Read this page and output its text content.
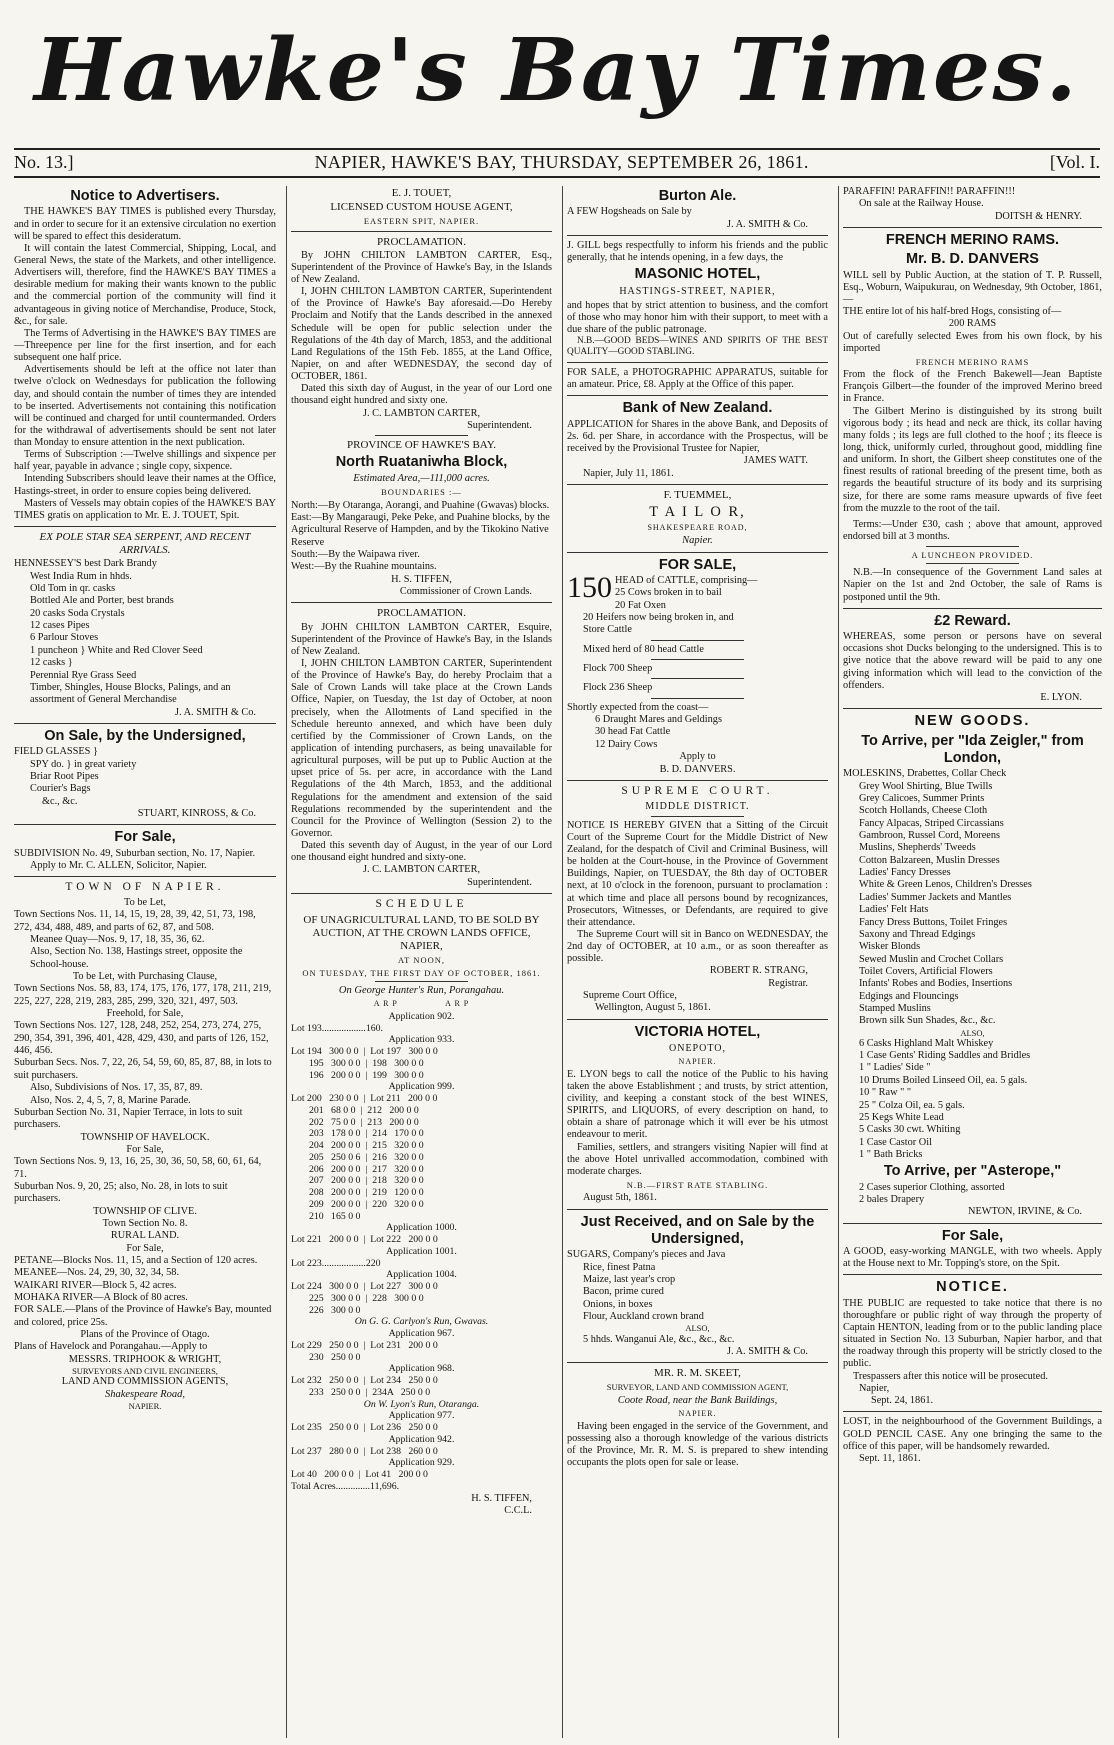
Hawke's Bay Times.
No. 13.]	NAPIER, HAWKE'S BAY, THURSDAY, SEPTEMBER 26, 1861.	[Vol. I.
Notice to Advertisers.

THE HAWKE'S BAY TIMES is published every Thursday, and in order to secure for it an extensive circulation no exertion will be spared to effect this desideratum.

It will contain the latest Commercial, Shipping, Local, and General News, the state of the Markets, and other intelligence. Advertisers will, therefore, find the HAWKE'S BAY TIMES a desirable medium for making their wants known to the public and the commercial portion of the community will find it advantageous in giving notice of Merchandise, Produce, Stock, &c., for sale.

The Terms of Advertising in the HAWKE'S BAY TIMES are—Threepence per line for the first insertion, and for each subsequent one half price.

Advertisements should be left at the office not later than twelve o'clock on Wednesdays for publication the following day, and should contain the number of times they are intended to be inserted. Advertisements not containing this notification will be continued and charged for until countermanded. Orders for the withdrawal of advertisements should be sent not later than Monday to ensure attention in the next publication.

Terms of Subscription :—Twelve shillings and sixpence per half year, payable in advance ; single copy, sixpence.

Intending Subscribers should leave their names at the Office, Hastings-street, in order to ensure copies being delivered.

Masters of Vessels may obtain copies of the HAWKE'S BAY TIMES gratis on application to Mr. E. J. TOUET, Spit.

EX POLE STAR SEA SERPENT, AND RECENT ARRIVALS.
HENNESSEY'S best Dark Brandy
West India Rum in hhds.
Old Tom in qr. casks
Bottled Ale and Porter, best brands
20 casks Soda Crystals
12 cases Pipes
6 Parlour Stoves
1 puncheon } White and Red Clover Seed
12 casks }
Perennial Rye Grass Seed
Timber, Shingles, House Blocks, Palings, and an assortment of General Merchandise
J. A. SMITH & Co.
On Sale, by the Undersigned,
FIELD GLASSES }
SPY do. } in great variety
Briar Root Pipes
Courier's Bags
&c., &c.
STUART, KINROSS, & Co.
For Sale,

SUBDIVISION No. 49, Suburban section, No. 17, Napier.

Apply to Mr. C. ALLEN, Solicitor, Napier.
TOWN OF NAPIER.
To be Let,
Town Sections Nos. 11, 14, 15, 19, 28, 39, 42, 51, 73, 198, 272, 434, 488, 489, and parts of 62, 87, and 508.
Meanee Quay—Nos. 9, 17, 18, 35, 36, 62.
Also, Section No. 138, Hastings street, opposite the School-house.
To be Let, with Purchasing Clause,
Town Sections Nos. 58, 83, 174, 175, 176, 177, 178, 211, 219, 225, 227, 228, 219, 283, 285, 299, 320, 321, 497, 503.
Freehold, for Sale,
Town Sections Nos. 127, 128, 248, 252, 254, 273, 274, 275, 290, 354, 391, 396, 401, 428, 429, 430, and parts of 126, 152, 446, 456.
Suburban Secs. Nos. 7, 22, 26, 54, 59, 60, 85, 87, 88, in lots to suit purchasers.
Also, Subdivisions of Nos. 17, 35, 87, 89.
Also, Nos. 2, 4, 5, 7, 8, Marine Parade.
Suburban Section No. 31, Napier Terrace, in lots to suit purchasers.
TOWNSHIP OF HAVELOCK.
For Sale,
Town Sections Nos. 9, 13, 16, 25, 30, 36, 50, 58, 60, 61, 64, 71.
Suburban Nos. 9, 20, 25; also, No. 28, in lots to suit purchasers.
TOWNSHIP OF CLIVE.
Town Section No. 8.
RURAL LAND.
For Sale,
PETANE—Blocks Nos. 11, 15, and a Section of 120 acres.
MEANEE—Nos. 24, 29, 30, 32, 34, 58.
WAIKARI RIVER—Block 5, 42 acres.
MOHAKA RIVER—A Block of 80 acres.
FOR SALE.—Plans of the Province of Hawke's Bay, mounted and colored, price 25s.
Plans of the Province of Otago.
Plans of Havelock and Porangahau.—Apply to
MESSRS. TRIPHOOK & WRIGHT,
SURVEYORS AND CIVIL ENGINEERS,
LAND AND COMMISSION AGENTS,
Shakespeare Road,
NAPIER.
E. J. TOUET,
LICENSED CUSTOM HOUSE AGENT,
EASTERN SPIT, NAPIER.
PROCLAMATION.

By JOHN CHILTON LAMBTON CARTER, Esq., Superintendent of the Province of Hawke's Bay, in the Islands of New Zealand.

I, JOHN CHILTON LAMBTON CARTER, Superintendent of the Province of Hawke's Bay aforesaid.—Do Hereby Proclaim and Notify that the Lands described in the annexed Schedule will be open for public selection under the Regulations of the 4th day of March, 1853, and the additional Land Regulations of the 15th Feb. 1855, at the Land Office, Napier, on and after WEDNESDAY, the second day of OCTOBER, 1861.

Dated this sixth day of August, in the year of our Lord one thousand eight hundred and sixty one.

J. C. LAMBTON CARTER,
Superintendent.
PROVINCE OF HAWKE'S BAY.
North Ruataniwha Block,
Estimated Area,—111,000 acres.
BOUNDARIES :—
North:—By Otaranga, Aorangi, and Puahine (Gwavas) blocks.
East:—By Mangaraugi, Peke Peke, and Puahine blocks, by the Agricultural Reserve of Hampden, and by the Tikokino Native Reserve
South:—By the Waipawa river.
West:—By the Ruahine mountains.
H. S. TIFFEN,
Commissioner of Crown Lands.
PROCLAMATION.

By JOHN CHILTON LAMBTON CARTER, Esquire, Superintendent of the Province of Hawke's Bay, in the Islands of New Zealand.

I, JOHN CHILTON LAMBTON CARTER, Superintendent of the Province of Hawke's Bay, do hereby Proclaim that a Sale of Crown Lands will take place at the Crown Lands Office, Napier, on Tuesday, the 1st day of October, at noon precisely, when the Allotments of Land specified in the Schedule hereunto annexed, and which have been duly certified by the Commissioner of Crown Lands, on the application of intending purchasers, as being unavailable for agricultural purposes, will be put up to Public Auction at the upset price of 5s. per acre, in accordance with the Land Regulations of the 4th March, 1853, and the additional Regulations for the amendment and extension of the said Regulations recommended by the superintendent and the Council for the Province of Wellington (Session 2) to the Governor.

Dated this seventh day of August, in the year of our Lord one thousand eight hundred and sixty-one.

J. C. LAMBTON CARTER,
Superintendent.
SCHEDULE
OF UNAGRICULTURAL LAND, TO BE SOLD BY AUCTION, AT THE CROWN LANDS OFFICE, NAPIER,
AT NOON,
ON TUESDAY, THE FIRST DAY OF OCTOBER, 1861.
On George Hunter's Run, Porangahau.
A R P                A R P
Application 902.
Lot 193..................160.
Application 933.
Lot 194   300 0 0  |  Lot 197   300 0 0
195   300 0 0  |  198   300 0 0
196   200 0 0  |  199   300 0 0
Application 999.
Lot 200   230 0 0  |  Lot 211   200 0 0
201   68 0 0  |  212   200 0 0
202   75 0 0  |  213   200 0 0
203   178 0 0  |  214   170 0 0
204   200 0 0  |  215   320 0 0
205   250 0 6  |  216   320 0 0
206   200 0 0  |  217   320 0 0
207   200 0 0  |  218   320 0 0
208   200 0 0  |  219   120 0 0
209   200 0 0  |  220   320 0 0
210   165 0 0
Application 1000.
Lot 221   200 0 0  |  Lot 222   200 0 0
Application 1001.
Lot 223..................220
Application 1004.
Lot 224   300 0 0  |  Lot 227   300 0 0
225   300 0 0  |  228   300 0 0
226   300 0 0
On G. G. Carlyon's Run, Gwavas.
Application 967.
Lot 229   250 0 0  |  Lot 231   200 0 0
230   250 0 0
Application 968.
Lot 232   250 0 0  |  Lot 234   250 0 0
233   250 0 0  |  234A   250 0 0
On W. Lyon's Run, Otaranga.
Application 977.
Lot 235   250 0 0  |  Lot 236   250 0 0
Application 942.
Lot 237   280 0 0  |  Lot 238   260 0 0
Application 929.
Lot 40   200 0 0  |  Lot 41   200 0 0
Total Acres..............11,696.
H. S. TIFFEN,
C.C.L.
Burton Ale.
A FEW Hogsheads on Sale by
J. A. SMITH & Co.

J. GILL begs respectfully to inform his friends and the public generally, that he intends opening, in a few days, the

MASONIC HOTEL,
HASTINGS-STREET, NAPIER,

and hopes that by strict attention to business, and the comfort of those who may honor him with their support, to meet with a due share of the public patronage.

N.B.—GOOD BEDS—WINES AND SPIRITS OF THE BEST QUALITY—GOOD STABLING.

FOR SALE, a PHOTOGRAPHIC APPARATUS, suitable for an amateur. Price, £8. Apply at the Office of this paper.

Bank of New Zealand.

APPLICATION for Shares in the above Bank, and Deposits of 2s. 6d. per Share, in accordance with the Prospectus, will be received by the Provisional Trustee for Napier,

JAMES WATT.
Napier, July 11, 1861.
F. TUEMMEL,
T A I L O R,
SHAKESPEARE ROAD,
Napier.
FOR SALE,
150 HEAD of CATTLE, comprising—
25 Cows broken in to bail
20 Fat Oxen
20 Heifers now being broken in, and
Store Cattle
Mixed herd of 80 head Cattle
Flock 700 Sheep
Flock 236 Sheep
Shortly expected from the coast—
6 Draught Mares and Geldings
30 head Fat Cattle
12 Dairy Cows
Apply to
B. D. DANVERS.
SUPREME COURT.
MIDDLE DISTRICT.

NOTICE IS HEREBY GIVEN that a Sitting of the Circuit Court of the Supreme Court for the Middle District of New Zealand, for the despatch of Civil and Criminal Business, will be holden at the Court-house, in the Province of Government Buildings, Napier, on TUESDAY, the 8th day of OCTOBER next, at 10 o'clock in the forenoon, pursuant to proclamation : at which time and place all persons bound by recognizances, Prosecutors, Witnesses, or Defendants, are required to give their attendance.

The Supreme Court will sit in Banco on WEDNESDAY, the 2nd day of OCTOBER, at 10 a.m., or as soon thereafter as possible.

ROBERT R. STRANG,
Registrar.
Supreme Court Office,
Wellington, August 5, 1861.
VICTORIA HOTEL,
ONEPOTO,
NAPIER.

E. LYON begs to call the notice of the Public to his having taken the above Establishment ; and trusts, by strict attention, civility, and keeping a constant stock of the best WINES, SPIRITS, and LIQUORS, of every description on hand, to obtain a share of patronage which it will ever be his utmost endeavour to merit.

Families, settlers, and strangers visiting Napier will find at the above Hotel unrivalled accommodation, combined with moderate charges.

N.B.—FIRST RATE STABLING.
August 5th, 1861.
Just Received, and on Sale by the Undersigned,
SUGARS, Company's pieces and Java
Rice, finest Patna
Maize, last year's crop
Bacon, prime cured
Onions, in boxes
Flour, Auckland crown brand
ALSO,
5 hhds. Wanganui Ale, &c., &c., &c.
J. A. SMITH & Co.
MR. R. M. SKEET,
SURVEYOR, LAND AND COMMISSION AGENT,
Coote Road, near the Bank Buildings,
NAPIER.

Having been engaged in the service of the Government, and possessing also a thorough knowledge of the various districts of the Province, Mr. R. M. S. is prepared to shew intending occupants the plots open for sale or lease.

PARAFFIN! PARAFFIN!! PARAFFIN!!!
On sale at the Railway House.
DOITSH & HENRY.
FRENCH MERINO RAMS.
Mr. B. D. DANVERS

WILL sell by Public Auction, at the station of T. P. Russell, Esq., Woburn, Waipukurau, on Wednesday, 9th October, 1861,—

THE entire lot of his half-bred Hogs, consisting of—

200 RAMS

Out of carefully selected Ewes from his own flock, by his imported

FRENCH MERINO RAMS

From the flock of the French Bakewell—Jean Baptiste François Gilbert—the founder of the improved Merino breed in France.

The Gilbert Merino is distinguished by its strong built vigorous body ; its head and neck are thick, its collar having many folds ; its legs are full clothed to the hoof ; its fleece is long, thick, uniformly curled, throughout good, middling fine and uniform. In short, the Gilbert sheep constitutes one of the finest results of rational breeding of the present time, both as regards the beautiful structure of its body and its surprising size, for there are some rams measure upwards of five feet from the muzzle to the root of the tail.

Terms:—Under £30, cash ; above that amount, approved endorsed bill at 3 months.

A LUNCHEON PROVIDED.

N.B.—In consequence of the Government Land sales at Napier on the 1st and 2nd October, the sale of Rams is postponed until the 9th.

£2 Reward.

WHEREAS, some person or persons have on several occasions shot Ducks belonging to the undersigned. This is to give notice that the above reward will be paid to any one giving information which will lead to the conviction of the offenders.

E. LYON.
NEW GOODS.
To Arrive, per "Ida Zeigler," from London,
MOLESKINS, Drabettes, Collar Check
Grey Wool Shirting, Blue Twills
Grey Calicoes, Summer Prints
Scotch Hollands, Cheese Cloth
Fancy Alpacas, Striped Circassians
Gambroon, Russel Cord, Moreens
Muslins, Shepherds' Tweeds
Cotton Balzareen, Muslin Dresses
Ladies' Fancy Dresses
White & Green Lenos, Children's Dresses
Ladies' Summer Jackets and Mantles
Ladies' Felt Hats
Fancy Dress Buttons, Toilet Fringes
Saxony and Thread Edgings
Wisker Blonds
Sewed Muslin and Crochet Collars
Toilet Covers, Artificial Flowers
Infants' Robes and Bodies, Insertions
Edgings and Flouncings
Stamped Muslins
Brown silk Sun Shades, &c., &c.
ALSO,
6 Casks Highland Malt Whiskey
1 Case Gents' Riding Saddles and Bridles
1 " Ladies' Side "
10 Drums Boiled Linseed Oil, ea. 5 gals.
10 " Raw " "
25 " Colza Oil, ea. 5 gals.
25 Kegs White Lead
5 Casks 30 cwt. Whiting
1 Case Castor Oil
1 " Bath Bricks
To Arrive, per "Asterope,"
2 Cases superior Clothing, assorted
2 bales Drapery
NEWTON, IRVINE, & Co.
For Sale,

A GOOD, easy-working MANGLE, with two wheels. Apply at the House next to Mr. Topping's store, on the Spit.

NOTICE.

THE PUBLIC are requested to take notice that there is no thoroughfare or public right of way through the property of Captain HENTON, leading from or to the public landing place situated in Section No. 13 Suburban, Napier harbor, and that the roadway through this property will be strictly closed to the public.

Trespassers after this notice will be prosecuted.

Napier,
Sept. 24, 1861.

LOST, in the neighbourhood of the Government Buildings, a GOLD PENCIL CASE. Any one bringing the same to the office of this paper, will be handsomely rewarded.

Sept. 11, 1861.
